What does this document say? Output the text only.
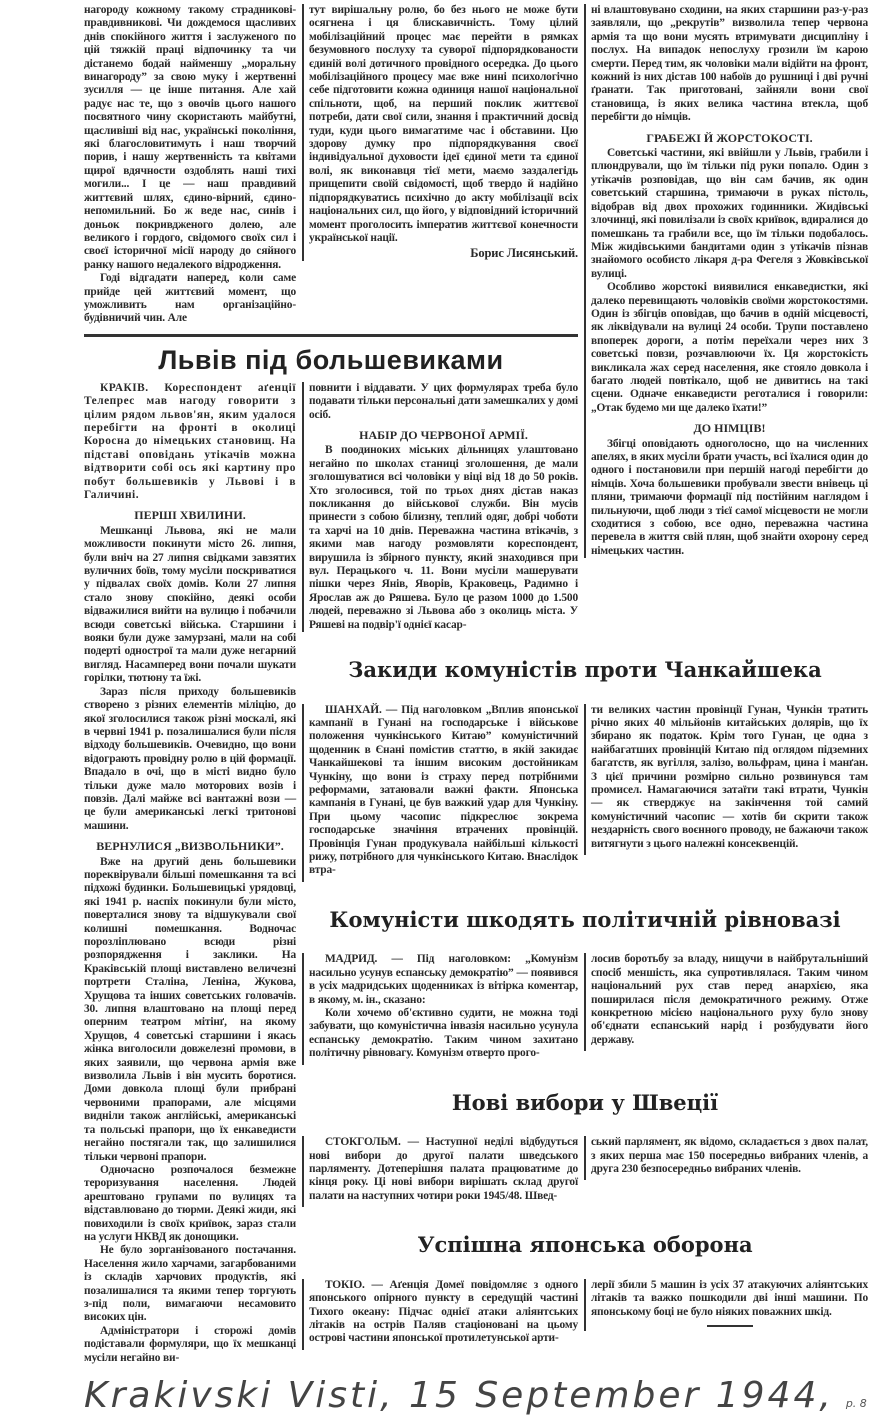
нагороду кожному такому страдникові-правдивникові. Чи дождемося щасливих днів спокійного життя і заслуженого по цій тяжкій праці відпочинку та чи дістанемо бодай найменшу „моральну винагороду” за свою муку і жертвенні зусилля — це інше питання. Але хай радує нас те, що з овочів цього нашого посвятного чину скористають майбутні, щасливіші від нас, українські покоління, які благословитимуть і наш творчий порив, і нашу жертвенність та квітами щирої вдячности оздоблять наші тихі могили... І це — наш правдивий життєвий шлях, єдино-вірний, єдино-непомильний. Бо ж веде нас, синів і доньок покривдженого долею, але великого і гордого, свідомого своїх сил і своєї історичної місії народу до сяйного ранку нашого недалекого відродження.

Годі відгадати наперед, коли саме прийде цей життєвий момент, що уможливить нам організаційно-будівничий чин. Але

тут вирішальну ролю, бо без нього не може бути осягнена і ця блискавичність. Тому цілий мобілізаційний процес має перейти в рямках безумовного послуху та суворої підпорядкованости єдиній волі дотичного провідного осередка. До цього мобілізаційного процесу має вже нині психологічно себе підготовити кожна одиниця нашої національної спільноти, щоб, на перший поклик життєвої потреби, дати свої сили, знання і практичний досвід туди, куди цього вимагатиме час і обставини. Цю здорову думку про підпорядкування своєї індивідуальної духовости ідеї єдиної мети та єдиної волі, як виконавця тієї мети, маємо заздалегідь прищепити своїй свідомості, щоб твердо й надійно підпорядкуватись психічно до акту мобілізації всіх національних сил, що його, у відповідний історичний момент проголосить імператив життєвої конечности української нації.

Борис Лисянський.

ні влаштовувано сходини, на яких старшини раз-у-раз заявляли, що „рекрутів” визволила тепер червона армія та що вони мусять втримувати дисципліну і послух. На випадок непослуху грозили їм карою смерти. Перед тим, як чоловіки мали відійти на фронт, кожний із них дістав 100 набоїв до рушниці і дві ручні ґранати. Так приготовані, зайняли вони свої становища, із яких велика частина втекла, щоб перебігти до німців.

ГРАБЕЖІ Й ЖОРСТОКОСТІ.

Советські частини, які ввійшли у Львів, грабили і плюндрували, що їм тільки під руки попало. Один з утікачів розповідав, що він сам бачив, як один советський старшина, тримаючи в руках пістоль, відобрав від двох прохожих годинники. Жидівські злочинці, які повилізали із своїх криївок, вдиралися до помешкань та грабили все, що їм тільки подобалось. Між жидівськими бандитами один з утікачів пізнав знайомого особисто лікаря д-ра Фегеля з Жовківської вулиці.

Особливо жорстокі виявилися енкаведистки, які далеко перевищають чоловіків своїми жорстокостями. Один із збігців оповідав, що бачив в одній місцевості, як ліквідували на вулиці 24 особи. Трупи поставлено впоперек дороги, а потім переїхали через них 3 советські повзи, розчавлюючи їх. Ця жорстокість викликала жах серед населення, яке стояло довкола і багато людей повтікало, щоб не дивитись на такі сцени. Одначе енкаведисти реготалися і говорили: „Отак будемо ми ще далеко їхати!”

ДО НІМЦІВ!

Збігці оповідають одноголосно, що на численних апелях, в яких мусіли брати участь, всі їхалися один до одного і постановили при першій нагоді перебігти до німців. Хоча большевики пробували звести внівець ці пляни, тримаючи формації під постійним наглядом і пильнуючи, щоб люди з тієї самої місцевости не могли сходитися з собою, все одно, переважна частина перевела в життя свій плян, щоб знайти охорону серед німецьких частин.

Львів під большевиками

КРАКІВ. Кореспондент аґенції Телепрес мав нагоду говорити з цілим рядом львов'ян, яким удалося перебігти на фронті в околиці Коросна до німецьких становищ. На підставі оповідань утікачів можна відтворити собі ось які картину про побут большевиків у Львові і в Галичині.

ПЕРШІ ХВИЛИНИ.

Мешканці Львова, які не мали можливости покинути місто 26. липня, були вніч на 27 липня свідками завзятих вуличних боїв, тому мусіли поскриватися у підвалах своїх домів. Коли 27 липня стало знову спокійно, деякі особи відважилися вийти на вулицю і побачили всюди советські війська. Старшини і вояки були дуже замурзані, мали на собі подерті однострої та мали дуже негарний вигляд. Насамперед вони почали шукати горілки, тютюну та їжі.

Зараз після приходу большевиків створено з різних елементів міліцію, до якої зголосилися також різні москалі, які в червні 1941 р. позалишалися були після відходу большевиків. Очевидно, що вони відограють провідну ролю в цій формації. Впадало в очі, що в місті видно було тільки дуже мало моторових возів і повзів. Далі майже всі вантажні вози — це були американські легкі тритонові машини.

ВЕРНУЛИСЯ „ВИЗВОЛЬНИКИ”.

Вже на другий день большевики пореквірували більші помешкання та всі підхожі будинки. Большевицькі урядовці, які 1941 р. наспіх покинули були місто, поверталися знову та відшукували свої колишні помешкання. Водночас порозліплювано всюди різні розпорядження і заклики. На Краківській площі виставлено величезні портрети Сталіна, Леніна, Жукова, Хрущова та інших советських головачів. 30. липня влаштовано на площі перед оперним театром мітінґ, на якому Хрущов, 4 советські старшини і якась жінка виголосили довжелезні промови, в яких заявили, що червона армія вже визволила Львів і він мусить боротися. Доми довкола площі були прибрані червоними прапорами, але місцями видніли також англійські, американські та польські прапори, що їх енкаведисти негайно постягали так, що залишилися тільки червоні прапори.

Одночасно розпочалося безмежне тероризування населення. Людей арештовано групами по вулицях та відставлювано до тюрми. Деякі жиди, які повиходили із своїх криївок, зараз стали на услуги НКВД як донощики.

Не було зорганізованого постачання. Населення жило харчами, загарбованими із складів харчових продуктів, які позалишалися та якими тепер торгують з-під поли, вимагаючи несамовито високих цін.

Адміністратори і сторожі домів подіставали формуляри, що їх мешканці мусіли негайно ви-

повнити і віддавати. У цих формулярах треба було подавати тільки персональні дати замешкалих у домі осіб.

НАБІР ДО ЧЕРВОНОЇ АРМІЇ.

В поодиноких міських дільницях улаштовано негайно по школах станиці зголошення, де мали зголошуватися всі чоловіки у віці від 18 до 50 років. Хто зголосився, той по трьох днях дістав наказ покликання до військової служби. Він мусів принести з собою білизну, теплий одяг, добрі чоботи та харчі на 10 днів. Переважна частина втікачів, з якими мав нагоду розмовляти кореспондент, вирушила із збірного пункту, який знаходився при вул. Перацького ч. 11. Вони мусіли машерувати пішки через Янів, Яворів, Краковець, Радимно і Ярослав аж до Ряшева. Було це разом 1000 до 1.500 людей, переважно зі Львова або з околиць міста. У Ряшеві на подвір'ї однієї касар-

Закиди комуністів проти Чанкайшека

ШАНХАЙ. — Під наголовком „Вплив японської кампанії в Гунані на господарське і військове положення чункінського Китаю” комуністичний щоденник в Єнані помістив статтю, в якій закидає Чанкайшекові та іншим високим достойникам Чункіну, що вони із страху перед потрібними реформами, затаювали важні факти. Японська кампанія в Гунані, це був важкий удар для Чункіну. При цьому часопис підкреслює зокрема господарське значіння втрачених провінцій. Провінція Гунан продукувала найбільші кількості рижу, потрібного для чункінського Китаю. Внаслідок втра-

ти великих частин провінції Гунан, Чункін тратить річно яких 40 мільйонів китайських долярів, що їх збирано як податок. Крім того Гунан, це одна з найбагатших провінцій Китаю під оглядом підземних багатств, як вугілля, залізо, вольфрам, цина і манґан. З цієї причини розмірно сильно розвинувся там промисел. Намагаючися затаїти такі втрати, Чункін — як стверджує на закінчення той самий комуністичний часопис — хотів би скрити також нездарність свого воєнного проводу, не бажаючи також витягнути з цього належні консеквенцій.

Комуністи шкодять політичній рівновазі

МАДРИД. — Під наголовком: „Комунізм насильно усунув еспанську демократію” — появився в усіх мадридських щоденниках із вітірка коментар, в якому, м. ін., сказано:

Коли хочемо об'єктивно судити, не можна тоді забувати, що комуністична інвазія насильно усунула еспанську демократію. Таким чином захитано політичну рівновагу. Комунізм отверто прого-

лосив боротьбу за владу, нищучи в найбрутальніший спосіб меншість, яка супротивлялася. Таким чином національний рух став перед анархією, яка поширилася після демократичного режиму. Отже конкретною місією національного руху було знову об'єднати еспанський нарід і розбудувати його державу.

Нові вибори у Швеції

СТОКГОЛЬМ. — Наступної неділі відбудуться нові вибори до другої палати шведського парляменту. Дотеперішня палата працюватиме до кінця року. Ці нові вибори вирішать склад другої палати на наступних чотири роки 1945/48. Швед-

ський парлямент, як відомо, складається з двох палат, з яких перша має 150 посередньо вибраних членів, а друга 230 безпосередньо вибраних членів.

Успішна японська оборона

ТОКІО. — Аґенція Домеї повідомляє з одного японського опірного пункту в середущій частині Тихого океану: Підчас однієї атаки аліянтських літаків на острів Паляв стаціоновані на цьому острові частини японської протилетунської арти-

лерії збили 5 машин із усіх 37 атакуючих аліянтських літаків та важко пошкодили дві інші машини. По японському боці не було ніяких поважних шкід.

Krakivski Visti, 15 September 1944, p. 8
